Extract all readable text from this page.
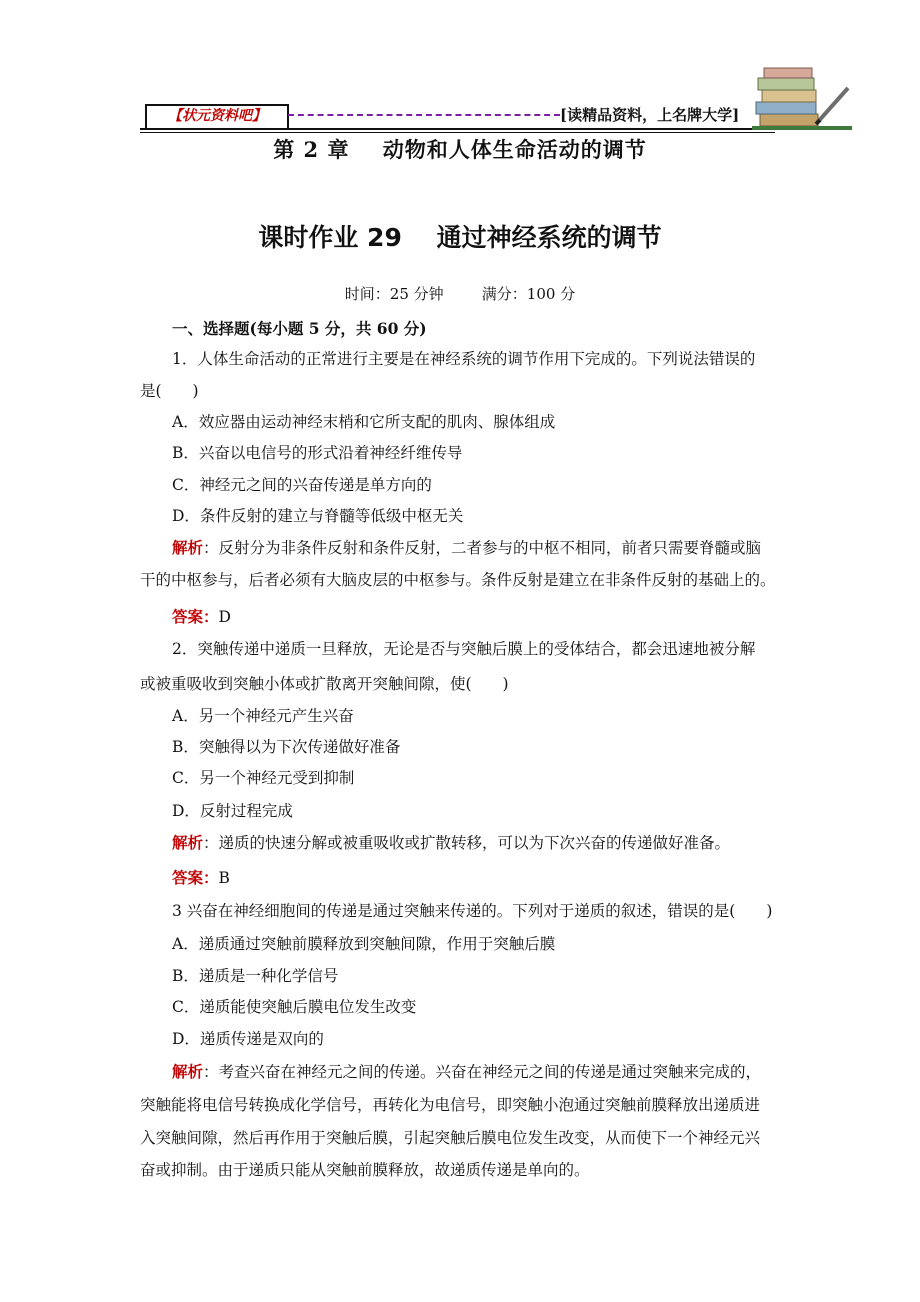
【状元资料吧】	[读精品资料，上名牌大学]
第 2 章    动物和人体生命活动的调节
课时作业 29    通过神经系统的调节
时间：25 分钟        满分：100 分
一、选择题(每小题 5 分，共 60 分)
1．人体生命活动的正常进行主要是在神经系统的调节作用下完成的。下列说法错误的
是(　　)
A．效应器由运动神经末梢和它所支配的肌肉、腺体组成
B．兴奋以电信号的形式沿着神经纤维传导
C．神经元之间的兴奋传递是单方向的
D．条件反射的建立与脊髓等低级中枢无关
解析：反射分为非条件反射和条件反射，二者参与的中枢不相同，前者只需要脊髓或脑
干的中枢参与，后者必须有大脑皮层的中枢参与。条件反射是建立在非条件反射的基础上的。
答案：D
2．突触传递中递质一旦释放，无论是否与突触后膜上的受体结合，都会迅速地被分解
或被重吸收到突触小体或扩散离开突触间隙，使(　　)
A．另一个神经元产生兴奋
B．突触得以为下次传递做好准备
C．另一个神经元受到抑制
D．反射过程完成
解析：递质的快速分解或被重吸收或扩散转移，可以为下次兴奋的传递做好准备。
答案：B
3 兴奋在神经细胞间的传递是通过突触来传递的。下列对于递质的叙述，错误的是(　　)
A．递质通过突触前膜释放到突触间隙，作用于突触后膜
B．递质是一种化学信号
C．递质能使突触后膜电位发生改变
D．递质传递是双向的
解析：考查兴奋在神经元之间的传递。兴奋在神经元之间的传递是通过突触来完成的，
突触能将电信号转换成化学信号，再转化为电信号，即突触小泡通过突触前膜释放出递质进
入突触间隙，然后再作用于突触后膜，引起突触后膜电位发生改变，从而使下一个神经元兴
奋或抑制。由于递质只能从突触前膜释放，故递质传递是单向的。
